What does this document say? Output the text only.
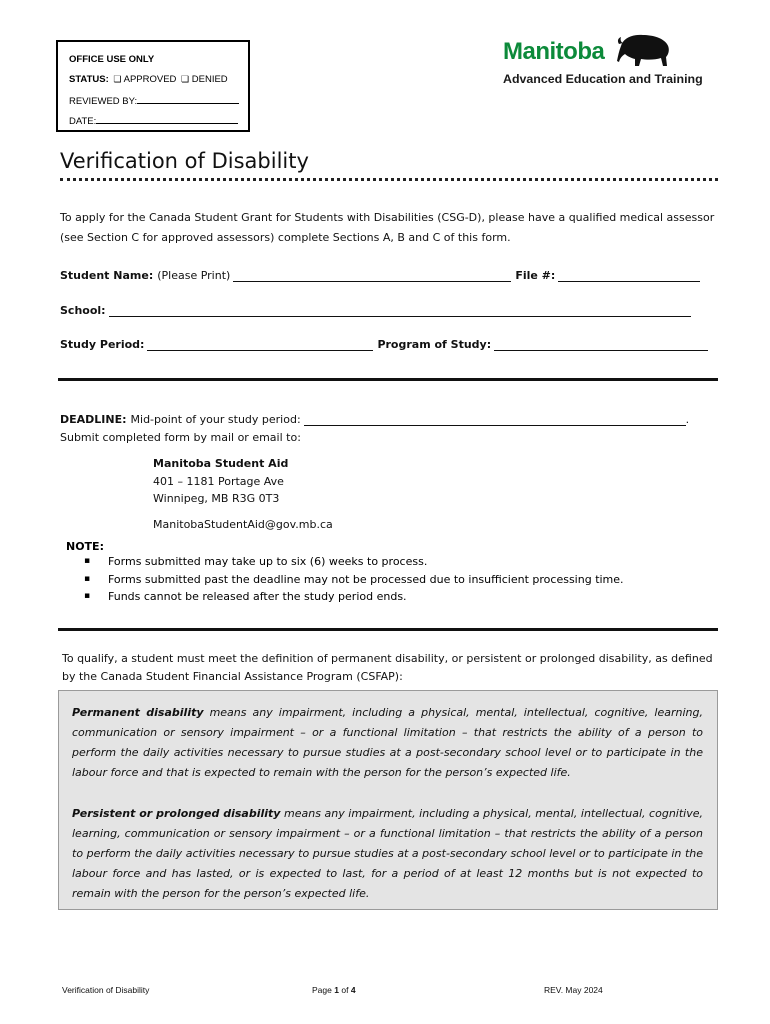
OFFICE USE ONLY
STATUS: ❏ APPROVED ❏ DENIED
REVIEWED BY:
DATE:
Manitoba
Advanced Education and Training
Verification of Disability
To apply for the Canada Student Grant for Students with Disabilities (CSG-D), please have a qualified medical assessor (see Section C for approved assessors) complete Sections A, B and C of this form.
Student Name: (Please Print)	File #:
School:
Study Period:	Program of Study:
DEADLINE: Mid-point of your study period:	.
Submit completed form by mail or email to:
Manitoba Student Aid
401 – 1181 Portage Ave
Winnipeg, MB R3G 0T3
ManitobaStudentAid@gov.mb.ca
NOTE:
▪ Forms submitted may take up to six (6) weeks to process.
▪ Forms submitted past the deadline may not be processed due to insufficient processing time.
▪ Funds cannot be released after the study period ends.
To qualify, a student must meet the definition of permanent disability, or persistent or prolonged disability, as defined by the Canada Student Financial Assistance Program (CSFAP):

Permanent disability means any impairment, including a physical, mental, intellectual, cognitive, learning, communication or sensory impairment – or a functional limitation – that restricts the ability of a person to perform the daily activities necessary to pursue studies at a post-secondary school level or to participate in the labour force and that is expected to remain with the person for the person’s expected life.

Persistent or prolonged disability means any impairment, including a physical, mental, intellectual, cognitive, learning, communication or sensory impairment – or a functional limitation – that restricts the ability of a person to perform the daily activities necessary to pursue studies at a post-secondary school level or to participate in the labour force and has lasted, or is expected to last, for a period of at least 12 months but is not expected to remain with the person for the person’s expected life.

Verification of Disability	Page 1 of 4	REV. May 2024
